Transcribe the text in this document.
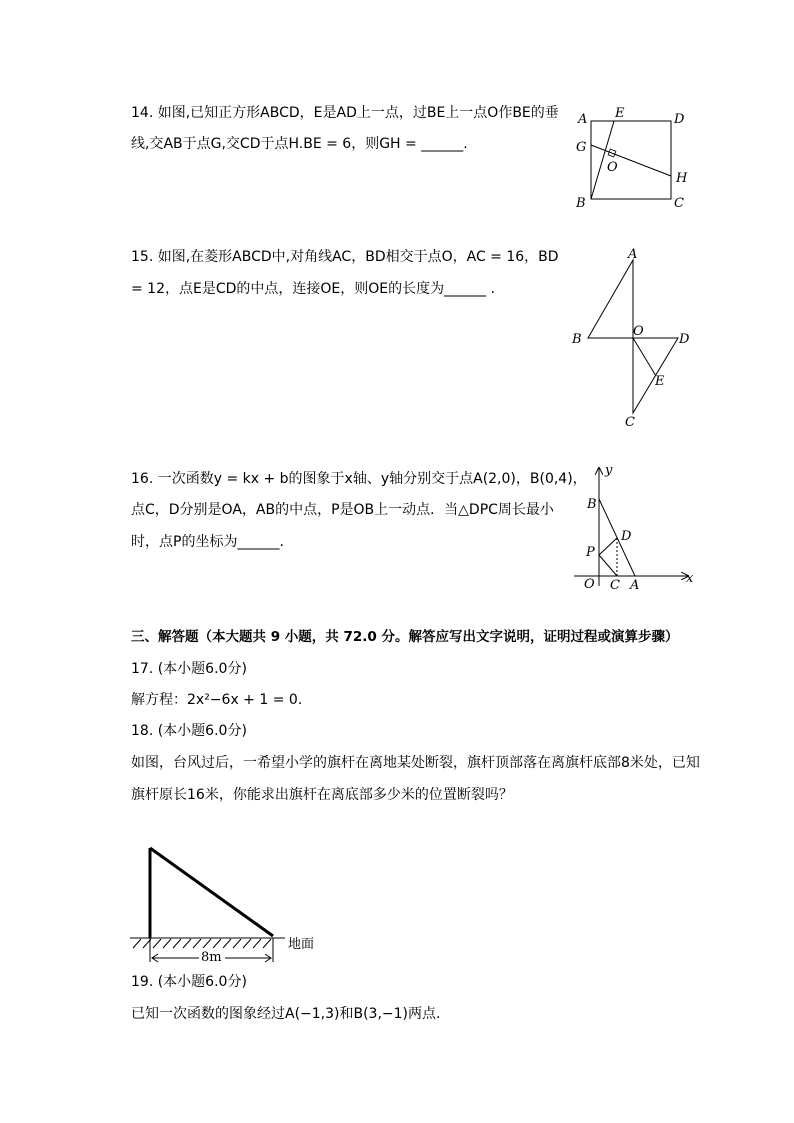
14. 如图,已知正方形ABCD，E是AD上一点，过BE上一点O作BE的垂
线,交AB于点G,交CD于点H.BE = 6，则GH = ______.
A E	D
G
O
H
B	C
15. 如图,在菱形ABCD中,对角线AC，BD相交于点O，AC = 16，BD
= 12，点E是CD的中点，连接OE，则OE的长度为______ .
A
B
O
D
E
C
16. 一次函数y = kx + b的图象于x轴、y轴分别交于点A(2,0)，B(0,4)，
点C，D分别是OA，AB的中点，P是OB上一动点．当△DPC周长最小
时，点P的坐标为______.
y
x
B
D
P
O C A
三、解答题（本大题共 9 小题，共 72.0 分。解答应写出文字说明，证明过程或演算步骤）
17. (本小题6.0分)
解方程：2x²−6x + 1 = 0.
18. (本小题6.0分)
如图，台风过后，一希望小学的旗杆在离地某处断裂，旗杆顶部落在离旗杆底部8米处，已知
旗杆原长16米，你能求出旗杆在离底部多少米的位置断裂吗？
8m
地面
19. (本小题6.0分)
已知一次函数的图象经过A(−1,3)和B(3,−1)两点.
